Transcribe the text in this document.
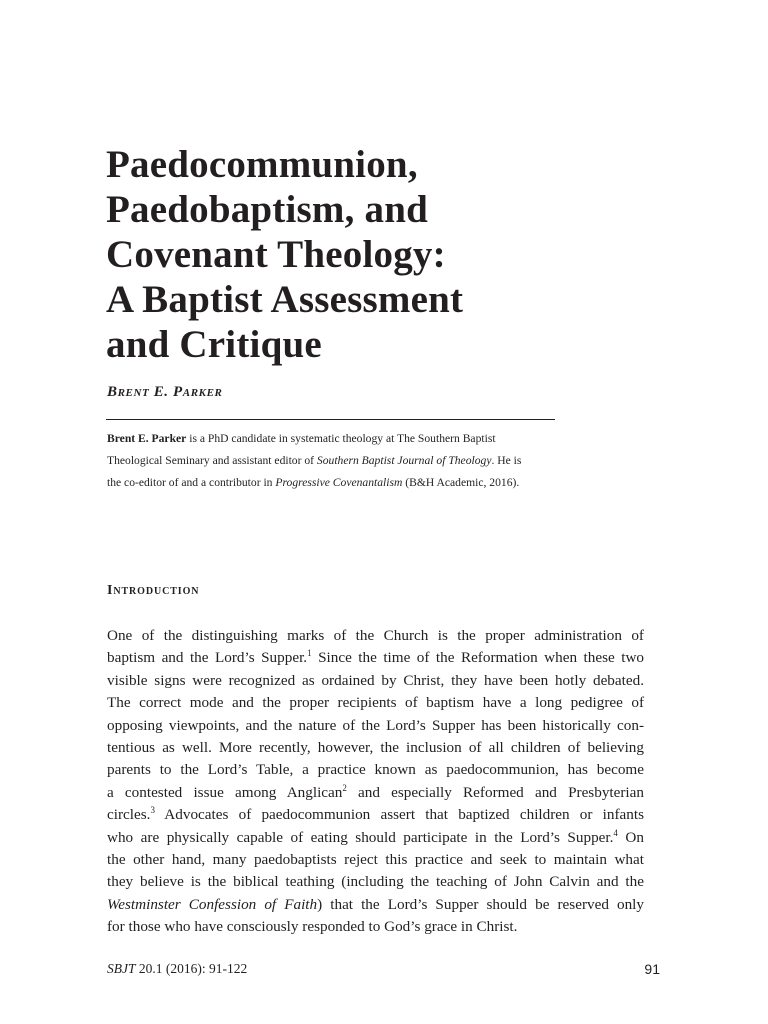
Paedocommunion,
Paedobaptism, and
Covenant Theology:
A Baptist Assessment
and Critique

Brent E. Parker

Brent E. Parker is a PhD candidate in systematic theology at The Southern Baptist

Theological Seminary and assistant editor of Southern Baptist Journal of Theology. He is

the co-editor of and a contributor in Progressive Covenantalism (B&H Academic, 2016).

Introduction

One of the distinguishing marks of the Church is the proper administration of

baptism and the Lord’s Supper.$^1$ Since the time of the Reformation when these two

visible signs were recognized as ordained by Christ, they have been hotly debated.

The correct mode and the proper recipients of baptism have a long pedigree of

opposing viewpoints, and the nature of the Lord’s Supper has been historically con-

tentious as well. More recently, however, the inclusion of all children of believing

parents to the Lord’s Table, a practice known as paedocommunion, has become

a contested issue among Anglican$^2$ and especially Reformed and Presbyterian

circles.$^3$ Advocates of paedocommunion assert that baptized children or infants

who are physically capable of eating should participate in the Lord’s Supper.$^4$ On

the other hand, many paedobaptists reject this practice and seek to maintain what

they believe is the biblical teathing (including the teaching of John Calvin and the

Westminster Confession of Faith) that the Lord’s Supper should be reserved only

for those who have consciously responded to God’s grace in Christ.

SBJT 20.1 (2016): 91-122	91
